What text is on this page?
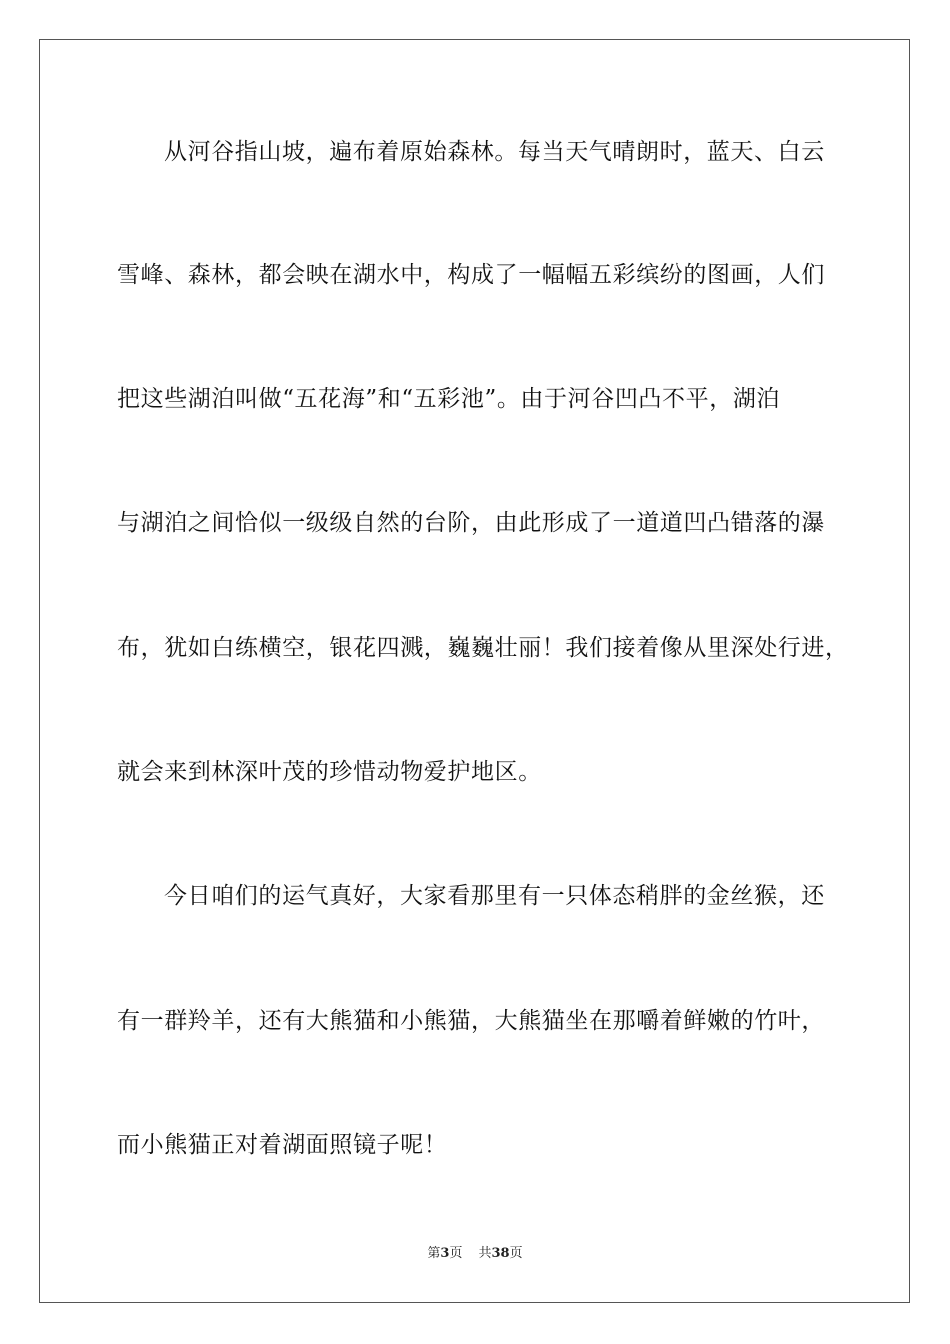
从河谷指山坡，遍布着原始森林。每当天气晴朗时，蓝天、白云
雪峰、森林，都会映在湖水中，构成了一幅幅五彩缤纷的图画，人们
把这些湖泊叫做“五花海”和“五彩池”。由于河谷凹凸不平，湖泊
与湖泊之间恰似一级级自然的台阶，由此形成了一道道凹凸错落的瀑
布，犹如白练横空，银花四溅，巍巍壮丽！我们接着像从里深处行进，
就会来到林深叶茂的珍惜动物爱护地区。
今日咱们的运气真好，大家看那里有一只体态稍胖的金丝猴，还
有一群羚羊，还有大熊猫和小熊猫，大熊猫坐在那嚼着鲜嫩的竹叶，
而小熊猫正对着湖面照镜子呢！
第3页 共38页
